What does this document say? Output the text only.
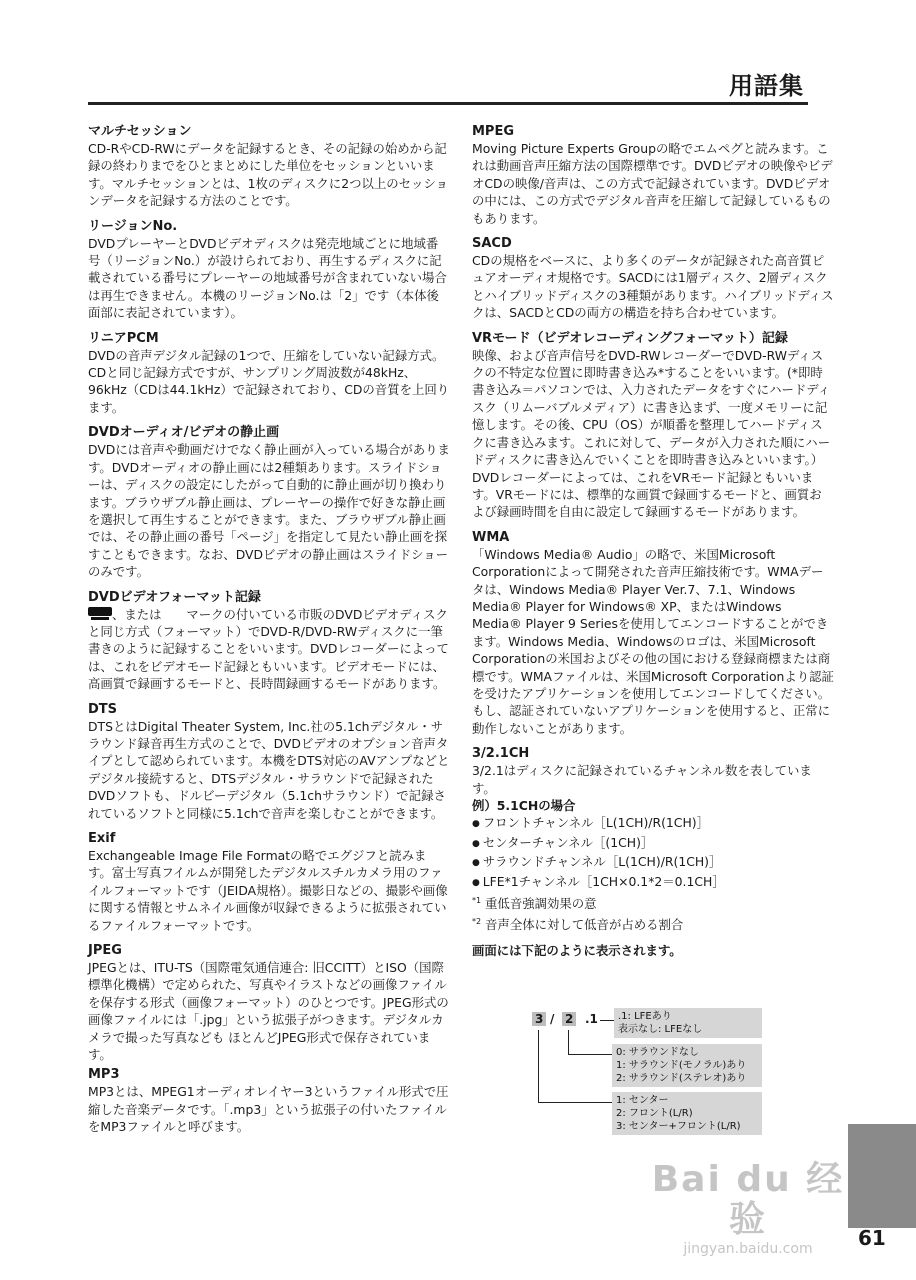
用語集
マルチセッション
CD-RやCD-RWにデータを記録するとき、その記録の始めから記録の終わりまでをひとまとめにした単位をセッションといいます。マルチセッションとは、1枚のディスクに2つ以上のセッションデータを記録する方法のことです。
リージョンNo.
DVDプレーヤーとDVDビデオディスクは発売地域ごとに地域番号（リージョンNo.）が設けられており、再生するディスクに記載されている番号にプレーヤーの地域番号が含まれていない場合は再生できません。本機のリージョンNo.は「2」です（本体後面部に表記されています）。
リニアPCM
DVDの音声デジタル記録の1つで、圧縮をしていない記録方式。CDと同じ記録方式ですが、サンプリング周波数が48kHz、96kHz（CDは44.1kHz）で記録されており、CDの音質を上回ります。
DVDオーディオ/ビデオの静止画
DVDには音声や動画だけでなく静止画が入っている場合があります。DVDオーディオの静止画には2種類あります。スライドショーは、ディスクの設定にしたがって自動的に静止画が切り換わります。ブラウザブル静止画は、プレーヤーの操作で好きな静止画を選択して再生することができます。また、ブラウザブル静止画では、その静止画の番号「ページ」を指定して見たい静止画を探すこともできます。なお、DVDビデオの静止画はスライドショーのみです。
DVDビデオフォーマット記録
、または　　マークの付いている市販のDVDビデオディスクと同じ方式（フォーマット）でDVD-R/DVD-RWディスクに一筆書きのように記録することをいいます。DVDレコーダーによっては、これをビデオモード記録ともいいます。ビデオモードには、高画質で録画するモードと、長時間録画するモードがあります。
DTS
DTSとはDigital Theater System, Inc.社の5.1chデジタル・サラウンド録音再生方式のことで、DVDビデオのオプション音声タイプとして認められています。本機をDTS対応のAVアンプなどとデジタル接続すると、DTSデジタル・サラウンドで記録されたDVDソフトも、ドルビーデジタル（5.1chサラウンド）で記録されているソフトと同様に5.1chで音声を楽しむことができます。
Exif
Exchangeable Image File Formatの略でエグジフと読みます。富士写真フイルムが開発したデジタルスチルカメラ用のファイルフォーマットです（JEIDA規格）。撮影日などの、撮影や画像に関する情報とサムネイル画像が収録できるように拡張されているファイルフォーマットです。
JPEG
JPEGとは、ITU-TS（国際電気通信連合: 旧CCITT）とISO（国際標準化機構）で定められた、写真やイラストなどの画像ファイルを保存する形式（画像フォーマット）のひとつです。JPEG形式の画像ファイルには「.jpg」という拡張子がつきます。デジタルカメラで撮った写真なども ほとんどJPEG形式で保存されています。
MP3
MP3とは、MPEG1オーディオレイヤー3というファイル形式で圧縮した音楽データです。「.mp3」という拡張子の付いたファイルをMP3ファイルと呼びます。
MPEG
Moving Picture Experts Groupの略でエムペグと読みます。これは動画音声圧縮方法の国際標準です。DVDビデオの映像やビデオCDの映像/音声は、この方式で記録されています。DVDビデオの中には、この方式でデジタル音声を圧縮して記録しているものもあります。
SACD
CDの規格をベースに、より多くのデータが記録された高音質ピュアオーディオ規格です。SACDには1層ディスク、2層ディスクとハイブリッドディスクの3種類があります。ハイブリッドディスクは、SACDとCDの両方の構造を持ち合わせています。
VRモード（ビデオレコーディングフォーマット）記録
映像、および音声信号をDVD-RWレコーダーでDVD-RWディスクの不特定な位置に即時書き込み*することをいいます。(*即時書き込み＝パソコンでは、入力されたデータをすぐにハードディスク（リムーバブルメディア）に書き込まず、一度メモリーに記憶します。その後、CPU（OS）が順番を整理してハードディスクに書き込みます。これに対して、データが入力された順にハードディスクに書き込んでいくことを即時書き込みといいます。）DVDレコーダーによっては、これをVRモード記録ともいいます。VRモードには、標準的な画質で録画するモードと、画質および録画時間を自由に設定して録画するモードがあります。
WMA
「Windows Media® Audio」の略で、米国Microsoft Corporationによって開発された音声圧縮技術です。WMAデータは、Windows Media® Player Ver.7、7.1、Windows Media® Player for Windows® XP、またはWindows Media® Player 9 Seriesを使用してエンコードすることができます。Windows Media、Windowsのロゴは、米国Microsoft Corporationの米国およびその他の国における登録商標または商標です。WMAファイルは、米国Microsoft Corporationより認証を受けたアプリケーションを使用してエンコードしてください。もし、認証されていないアプリケーションを使用すると、正常に動作しないことがあります。
3/2.1CH
3/2.1はディスクに記録されているチャンネル数を表しています。
例）5.1CHの場合
● フロントチャンネル［L(1CH)/R(1CH)］
● センターチャンネル［(1CH)］
● サラウンドチャンネル［L(1CH)/R(1CH)］
● LFE*1チャンネル［1CH×0.1*2＝0.1CH］
$^{*1}$ 重低音強調効果の意
$^{*2}$ 音声全体に対して低音が占める割合
画面には下記のように表示されます。
3 / 2 .1 .1: LFEあり
表示なし: LFEなし
0: サラウンドなし
1: サラウンド(モノラル)あり
2: サラウンド(ステレオ)あり
1: センター
2: フロント(L/R)
3: センター+フロント(L/R)
Bai du 经验
jingyan.baidu.com	61
